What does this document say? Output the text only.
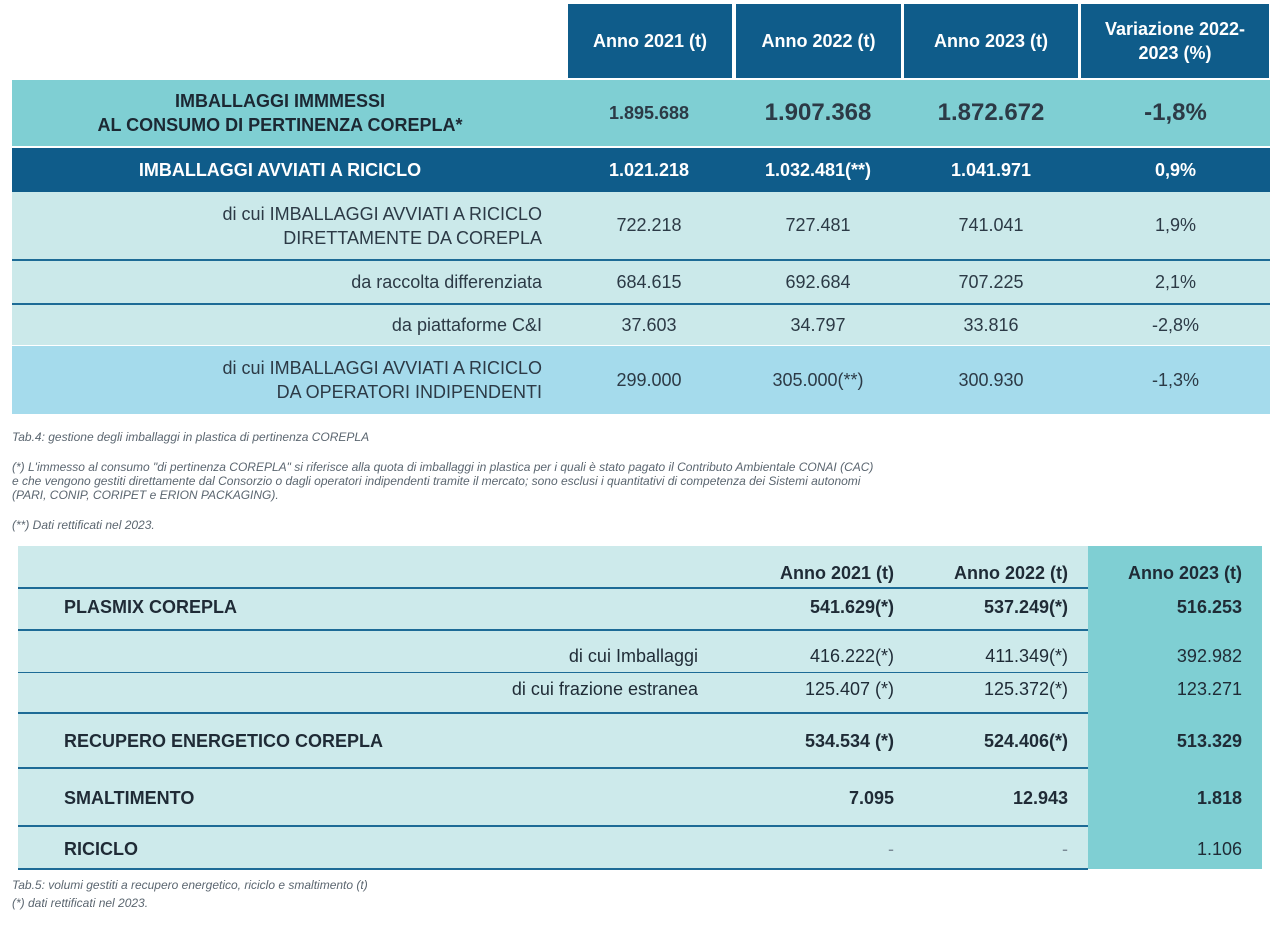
Anno 2021 (t)	Anno 2022 (t)	Anno 2023 (t)
Variazione 2022-2023 (%)
IMBALLAGGI IMMMESSI
AL CONSUMO DI PERTINENZA COREPLA*
1.895.688	1.907.368	1.872.672	-1,8%
IMBALLAGGI AVVIATI A RICICLO	1.021.218	1.032.481(**)	1.041.971	0,9%
di cui IMBALLAGGI AVVIATI A RICICLO
DIRETTAMENTE DA COREPLA
722.218	727.481	741.041	1,9%
da raccolta differenziata	684.615	692.684	707.225	2,1%
da piattaforme C&I	37.603	34.797	33.816	-2,8%
di cui IMBALLAGGI AVVIATI A RICICLO
DA OPERATORI INDIPENDENTI
299.000	305.000(**)	300.930	-1,3%
Tab.4: gestione degli imballaggi in plastica di pertinenza COREPLA
(*) L'immesso al consumo "di pertinenza COREPLA" si riferisce alla quota di imballaggi in plastica per i quali è stato pagato il Contributo Ambientale CONAI (CAC)
e che vengono gestiti direttamente dal Consorzio o dagli operatori indipendenti tramite il mercato; sono esclusi i quantitativi di competenza dei Sistemi autonomi
(PARI, CONIP, CORIPET e ERION PACKAGING).
(**) Dati rettificati nel 2023.
Anno 2021 (t)	Anno 2022 (t)	Anno 2023 (t)
PLASMIX COREPLA	541.629(*)	537.249(*)	516.253
di cui Imballaggi	416.222(*)	411.349(*)	392.982
di cui frazione estranea	125.407 (*)	125.372(*)	123.271
RECUPERO ENERGETICO COREPLA	534.534 (*)	524.406(*)	513.329
SMALTIMENTO	7.095	12.943	1.818
RICICLO	-	-	1.106
Tab.5: volumi gestiti a recupero energetico, riciclo e smaltimento (t)
(*) dati rettificati nel 2023.
